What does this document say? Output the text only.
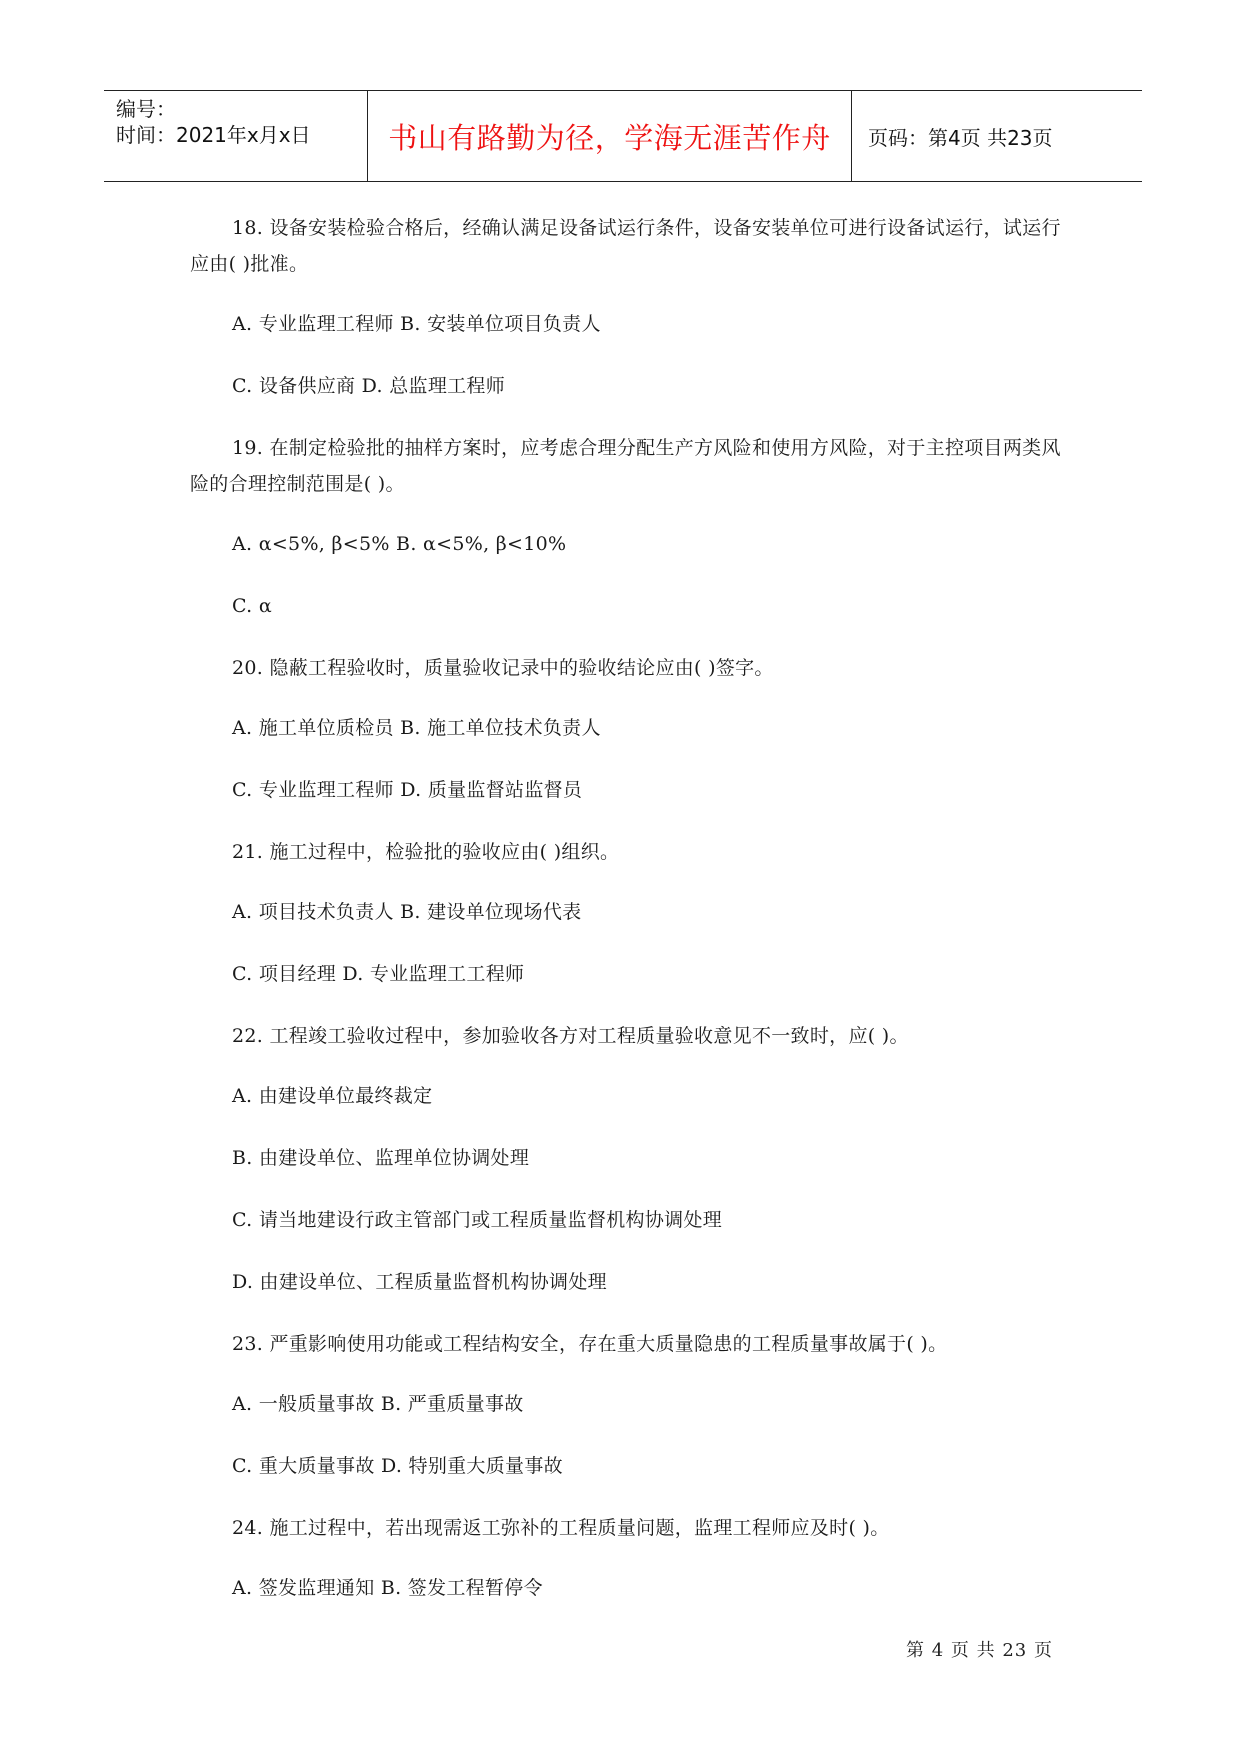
编号：
时间：2021年x月x日	书山有路勤为径，学海无涯苦作舟	页码：第4页 共23页

18. 设备安装检验合格后，经确认满足设备试运行条件，设备安装单位可进行设备试运行，试运行应由( )批准。

A. 专业监理工程师 B. 安装单位项目负责人

C. 设备供应商 D. 总监理工程师

19. 在制定检验批的抽样方案时，应考虑合理分配生产方风险和使用方风险，对于主控项目两类风险的合理控制范围是( )。

A. α<5%, β<5% B. α<5%, β<10%

C. α

20. 隐蔽工程验收时，质量验收记录中的验收结论应由( )签字。

A. 施工单位质检员 B. 施工单位技术负责人

C. 专业监理工程师 D. 质量监督站监督员

21. 施工过程中，检验批的验收应由( )组织。

A. 项目技术负责人 B. 建设单位现场代表

C. 项目经理 D. 专业监理工工程师

22. 工程竣工验收过程中，参加验收各方对工程质量验收意见不一致时，应( )。

A. 由建设单位最终裁定

B. 由建设单位、监理单位协调处理

C. 请当地建设行政主管部门或工程质量监督机构协调处理

D. 由建设单位、工程质量监督机构协调处理

23. 严重影响使用功能或工程结构安全，存在重大质量隐患的工程质量事故属于( )。

A. 一般质量事故 B. 严重质量事故

C. 重大质量事故 D. 特别重大质量事故

24. 施工过程中，若出现需返工弥补的工程质量问题，监理工程师应及时( )。

A. 签发监理通知 B. 签发工程暂停令

第 4 页 共 23 页
